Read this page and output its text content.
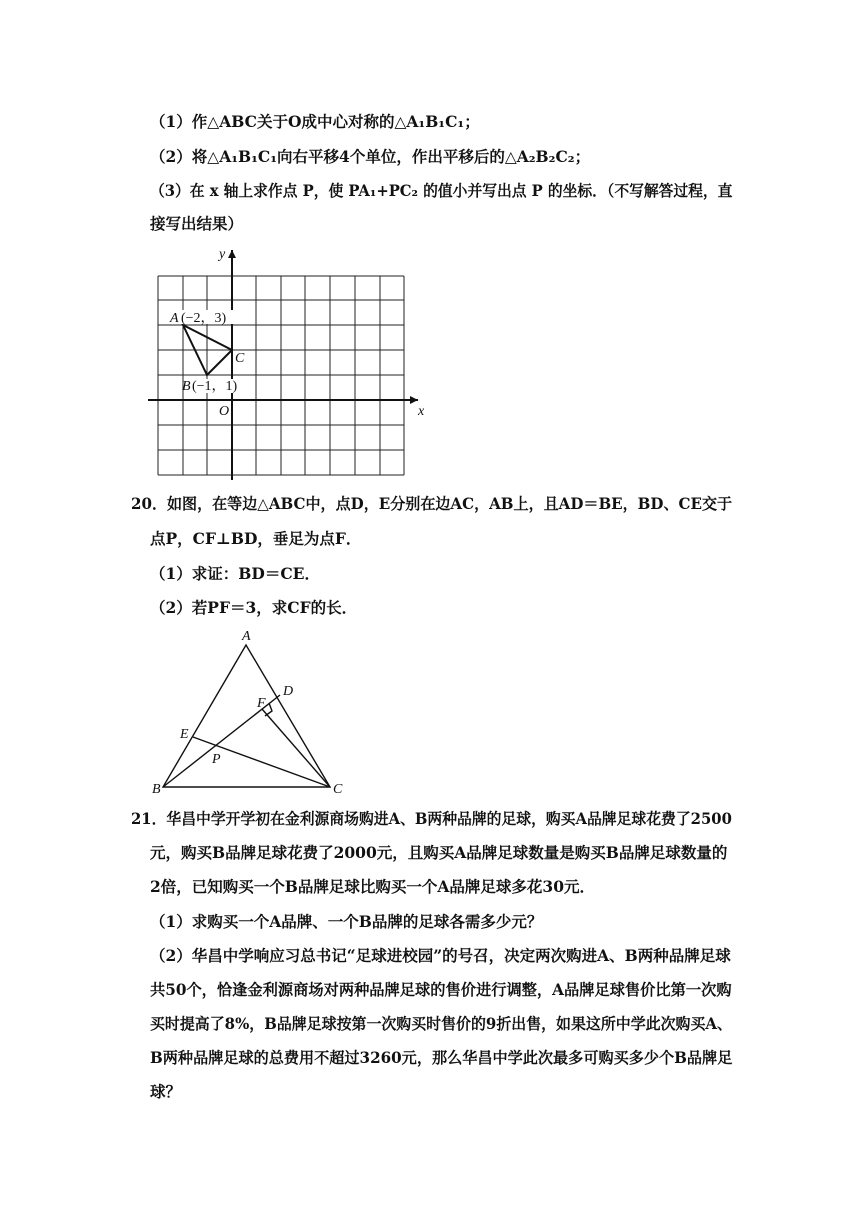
（1）作△ABC关于O成中心对称的△A₁B₁C₁；
（2）将△A₁B₁C₁向右平移4个单位，作出平移后的△A₂B₂C₂；
（3）在 x 轴上求作点 P，使 PA₁+PC₂ 的值小并写出点 P 的坐标．（不写解答过程，直
接写出结果）
A (−2，3)
B (−1，1)
C
O	x
y
20．如图，在等边△ABC中，点D，E分别在边AC，AB上，且AD＝BE，BD、CE交于
点P，CF⊥BD，垂足为点F．
（1）求证：BD＝CE．
（2）若PF＝3，求CF的长．
A
B	C
D
E
F
P
21．华昌中学开学初在金利源商场购进A、B两种品牌的足球，购买A品牌足球花费了2500
元，购买B品牌足球花费了2000元，且购买A品牌足球数量是购买B品牌足球数量的
2倍，已知购买一个B品牌足球比购买一个A品牌足球多花30元．
（1）求购买一个A品牌、一个B品牌的足球各需多少元？
（2）华昌中学响应习总书记“足球进校园”的号召，决定两次购进A、B两种品牌足球
共50个，恰逢金利源商场对两种品牌足球的售价进行调整，A品牌足球售价比第一次购
买时提高了8%，B品牌足球按第一次购买时售价的9折出售，如果这所中学此次购买A、
B两种品牌足球的总费用不超过3260元，那么华昌中学此次最多可购买多少个B品牌足
球？
